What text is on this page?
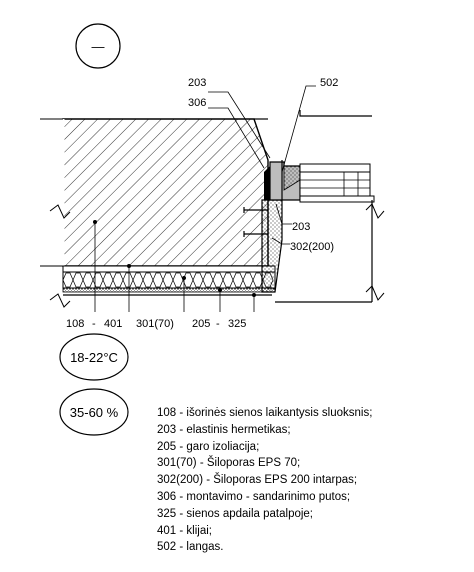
—
203
306
502
203
302(200)
108 - 401 301(70) 205 - 325
18-22°C
35-60 %	108 - išorinės sienos laikantysis sluoksnis;
203 - elastinis hermetikas;
205 - garo izoliacija;
301(70) - Šiloporas EPS 70;
302(200) - Šiloporas EPS 200 intarpas;
306 - montavimo - sandarinimo putos;
325 - sienos apdaila patalpoje;
401 - klijai;
502 - langas.
